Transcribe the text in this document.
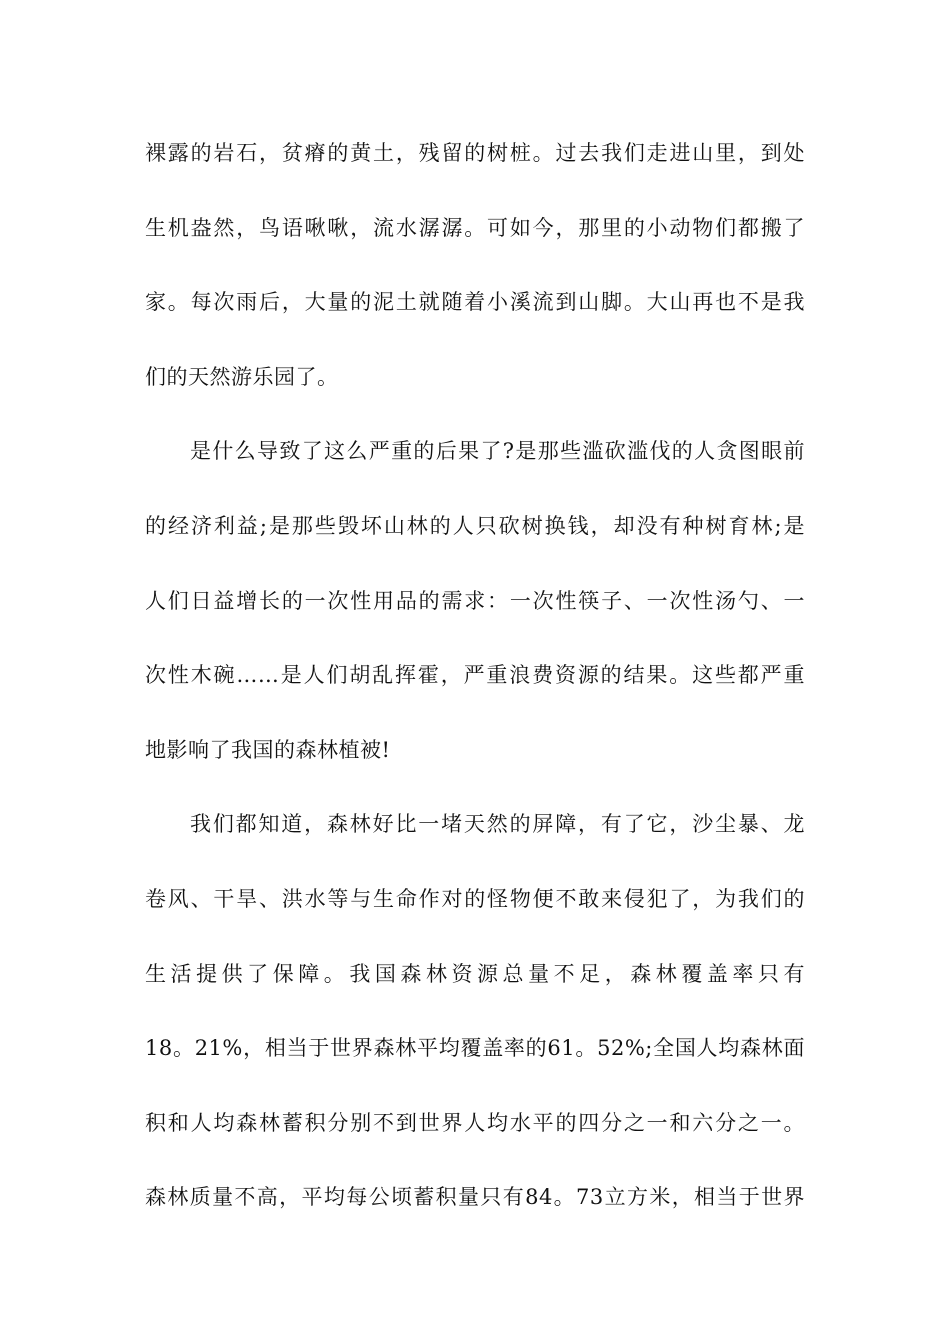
裸露的岩石，贫瘠的黄土，残留的树桩。过去我们走进山里，到处
生机盎然，鸟语啾啾，流水潺潺。可如今，那里的小动物们都搬了
家。每次雨后，大量的泥土就随着小溪流到山脚。大山再也不是我
们的天然游乐园了。
是什么导致了这么严重的后果了?是那些滥砍滥伐的人贪图眼前
的经济利益;是那些毁坏山林的人只砍树换钱，却没有种树育林;是
人们日益增长的一次性用品的需求：一次性筷子、一次性汤勺、一
次性木碗……是人们胡乱挥霍，严重浪费资源的结果。这些都严重
地影响了我国的森林植被!
我们都知道，森林好比一堵天然的屏障，有了它，沙尘暴、龙
卷风、干旱、洪水等与生命作对的怪物便不敢来侵犯了，为我们的
生活提供了保障。我国森林资源总量不足，森林覆盖率只有
18。21%，相当于世界森林平均覆盖率的61。52%;全国人均森林面
积和人均森林蓄积分别不到世界人均水平的四分之一和六分之一。
森林质量不高，平均每公顷蓄积量只有84。73立方米，相当于世界
